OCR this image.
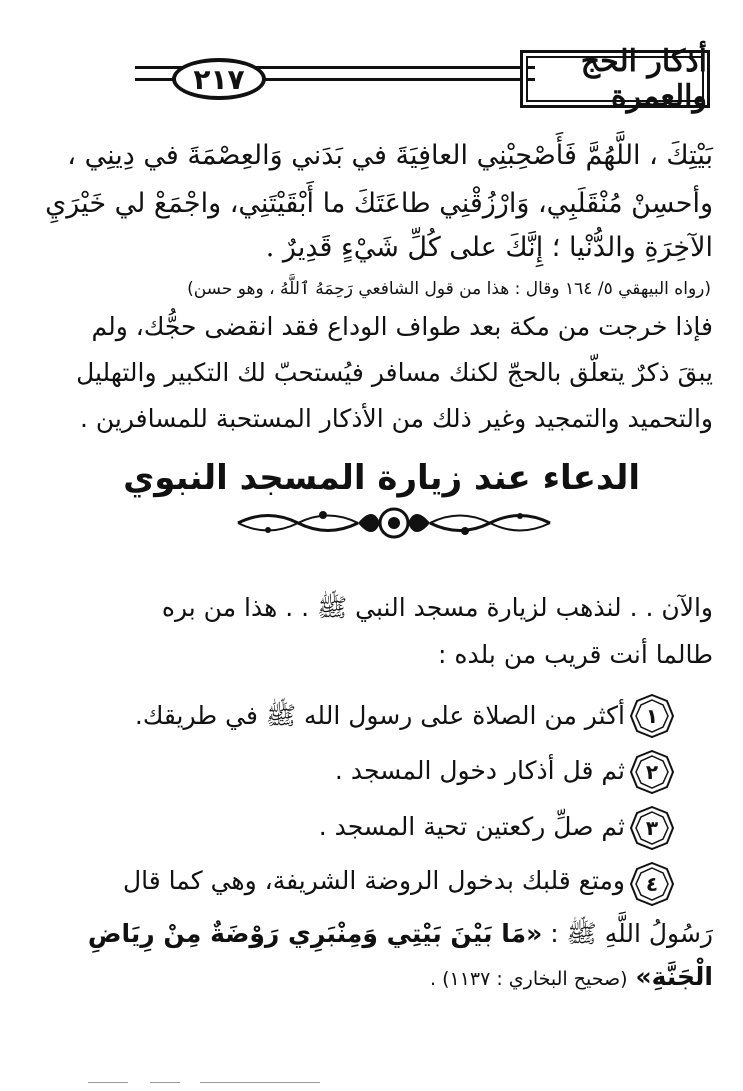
٢١٧	أذكار الحج والعمرة
بَيْتِكَ ، اللَّهُمَّ فَأَصْحِبْنِي العافِيَةَ في بَدَني وَالعِصْمَةَ في دِينِي ،
وأحسِنْ مُنْقَلَبِي، وَارْزُقْنِي طاعَتَكَ ما أَبْقَيْتَنِي، واجْمَعْ لي خَيْرَيِ
الآخِرَةِ والدُّنْيا ؛ إِنَّكَ على كُلِّ شَيْءٍ قَدِيرٌ .
(رواه البيهقي ٥/ ١٦٤ وقال : هذا من قول الشافعي رَحِمَهُ ٱللَّهُ ، وهو حسن)
فإذا خرجت من مكة بعد طواف الوداع فقد انقضى حجُّك، ولم
يبقَ ذكرٌ يتعلّق بالحجّ لكنك مسافر فيُستحبّ لك التكبير والتهليل
والتحميد والتمجيد وغير ذلك من الأذكار المستحبة للمسافرين .
الدعاء عند زيارة المسجد النبوي
والآن . . لنذهب لزيارة مسجد النبي ﷺ . . هذا من بره
طالما أنت قريب من بلده :
١
أكثر من الصلاة على رسول الله ﷺ في طريقك.
٢
ثم قل أذكار دخول المسجد .
٣
ثم صلِّ ركعتين تحية المسجد .
٤
ومتع قلبك بدخول الروضة الشريفة، وهي كما قال
رَسُولُ اللَّهِ ﷺ : «مَا بَيْنَ بَيْتِي وَمِنْبَرِي رَوْضَةٌ مِنْ رِيَاضِ
الْجَنَّةِ» (صحيح البخاري : ١١٣٧) .
